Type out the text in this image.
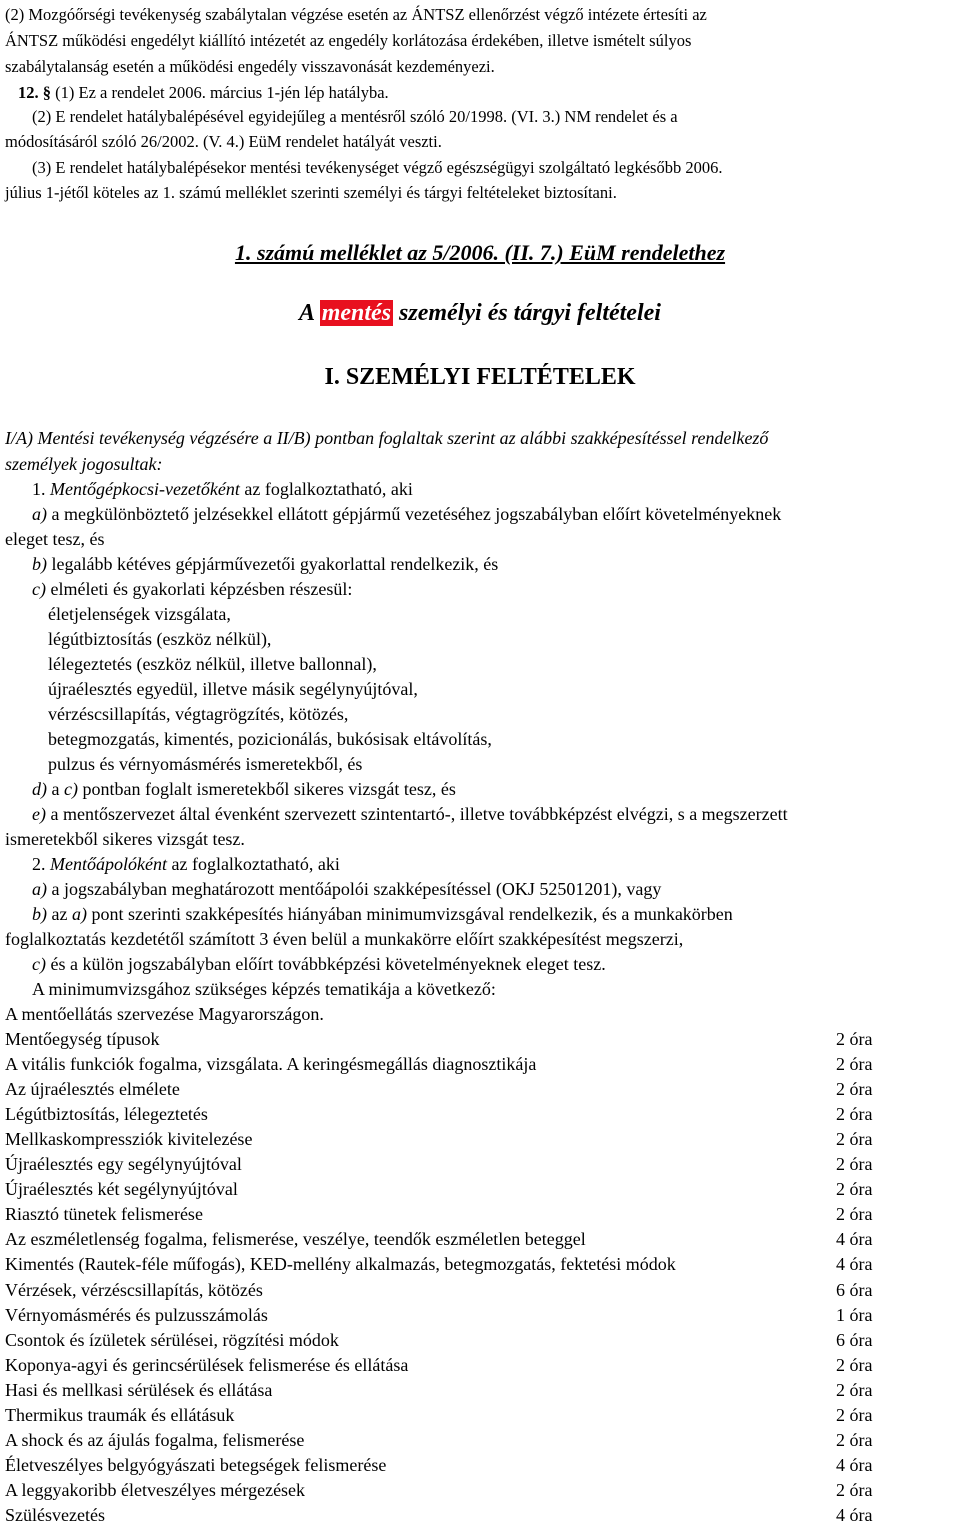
(2) Mozgóőrségi tevékenység szabálytalan végzése esetén az ÁNTSZ ellenőrzést végző intézete értesíti az
ÁNTSZ működési engedélyt kiállító intézetét az engedély korlátozása érdekében, illetve ismételt súlyos
szabálytalanság esetén a működési engedély visszavonását kezdeményezi.
12. § (1) Ez a rendelet 2006. március 1-jén lép hatályba.
(2) E rendelet hatálybalépésével egyidejűleg a mentésről szóló 20/1998. (VI. 3.) NM rendelet és a
módosításáról szóló 26/2002. (V. 4.) EüM rendelet hatályát veszti.
(3) E rendelet hatálybalépésekor mentési tevékenységet végző egészségügyi szolgáltató legkésőbb 2006.
július 1-jétől köteles az 1. számú melléklet szerinti személyi és tárgyi feltételeket biztosítani.
1. számú melléklet az 5/2006. (II. 7.) EüM rendelethez
A mentés személyi és tárgyi feltételei
I. SZEMÉLYI FELTÉTELEK
I/A) Mentési tevékenység végzésére a II/B) pontban foglaltak szerint az alábbi szakképesítéssel rendelkező
személyek jogosultak:
1. Mentőgépkocsi-vezetőként az foglalkoztatható, aki
a) a megkülönböztető jelzésekkel ellátott gépjármű vezetéséhez jogszabályban előírt követelményeknek
eleget tesz, és
b) legalább kétéves gépjárművezetői gyakorlattal rendelkezik, és
c) elméleti és gyakorlati képzésben részesül:
életjelenségek vizsgálata,
légútbiztosítás (eszköz nélkül),
lélegeztetés (eszköz nélkül, illetve ballonnal),
újraélesztés egyedül, illetve másik segélynyújtóval,
vérzéscsillapítás, végtagrögzítés, kötözés,
betegmozgatás, kimentés, pozicionálás, bukósisak eltávolítás,
pulzus és vérnyomásmérés ismeretekből, és
d) a c) pontban foglalt ismeretekből sikeres vizsgát tesz, és
e) a mentőszervezet által évenként szervezett szintentartó-, illetve továbbképzést elvégzi, s a megszerzett
ismeretekből sikeres vizsgát tesz.
2. Mentőápolóként az foglalkoztatható, aki
a) a jogszabályban meghatározott mentőápolói szakképesítéssel (OKJ 52501201), vagy
b) az a) pont szerinti szakképesítés hiányában minimumvizsgával rendelkezik, és a munkakörben
foglalkoztatás kezdetétől számított 3 éven belül a munkakörre előírt szakképesítést megszerzi,
c) és a külön jogszabályban előírt továbbképzési követelményeknek eleget tesz.
A minimumvizsgához szükséges képzés tematikája a következő:
A mentőellátás szervezése Magyarországon.
Mentőegység típusok	2 óra
A vitális funkciók fogalma, vizsgálata. A keringésmegállás diagnosztikája	2 óra
Az újraélesztés elmélete	2 óra
Légútbiztosítás, lélegeztetés	2 óra
Mellkaskompressziók kivitelezése	2 óra
Újraélesztés egy segélynyújtóval	2 óra
Újraélesztés két segélynyújtóval	2 óra
Riasztó tünetek felismerése	2 óra
Az eszméletlenség fogalma, felismerése, veszélye, teendők eszméletlen beteggel	4 óra
Kimentés (Rautek-féle műfogás), KED-mellény alkalmazás, betegmozgatás, fektetési módok	4 óra
Vérzések, vérzéscsillapítás, kötözés	6 óra
Vérnyomásmérés és pulzusszámolás	1 óra
Csontok és ízületek sérülései, rögzítési módok	6 óra
Koponya-agyi és gerincsérülések felismerése és ellátása	2 óra
Hasi és mellkasi sérülések és ellátása	2 óra
Thermikus traumák és ellátásuk	2 óra
A shock és az ájulás fogalma, felismerése	2 óra
Életveszélyes belgyógyászati betegségek felismerése	4 óra
A leggyakoribb életveszélyes mérgezések	2 óra
Szülésvezetés	4 óra
